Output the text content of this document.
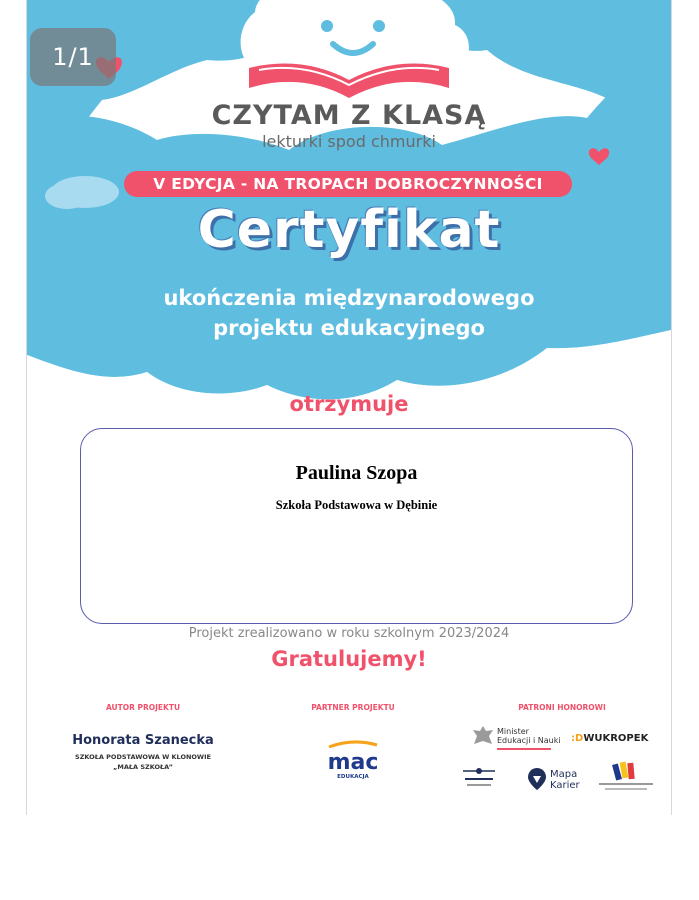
CZYTAM Z KLASĄ
lekturki spod chmurki
V EDYCJA - NA TROPACH DOBROCZYNNOŚCI
Certyfikat
ukończenia międzynarodowego
projektu edukacyjnego
otrzymuje
Paulina Szopa
Szkoła Podstawowa w Dębinie
Projekt zrealizowano w roku szkolnym 2023/2024
Gratulujemy!
AUTOR PROJEKTU
Honorata Szanecka
SZKOŁA PODSTAWOWA W KLONOWIE
„MAŁA SZKOŁA”
PARTNER PROJEKTU
mac
EDUKACJA
PATRONI HONOROWI
Minister
Edukacji i Nauki :DWUKROPEK
Mapa
Karier
1/1
